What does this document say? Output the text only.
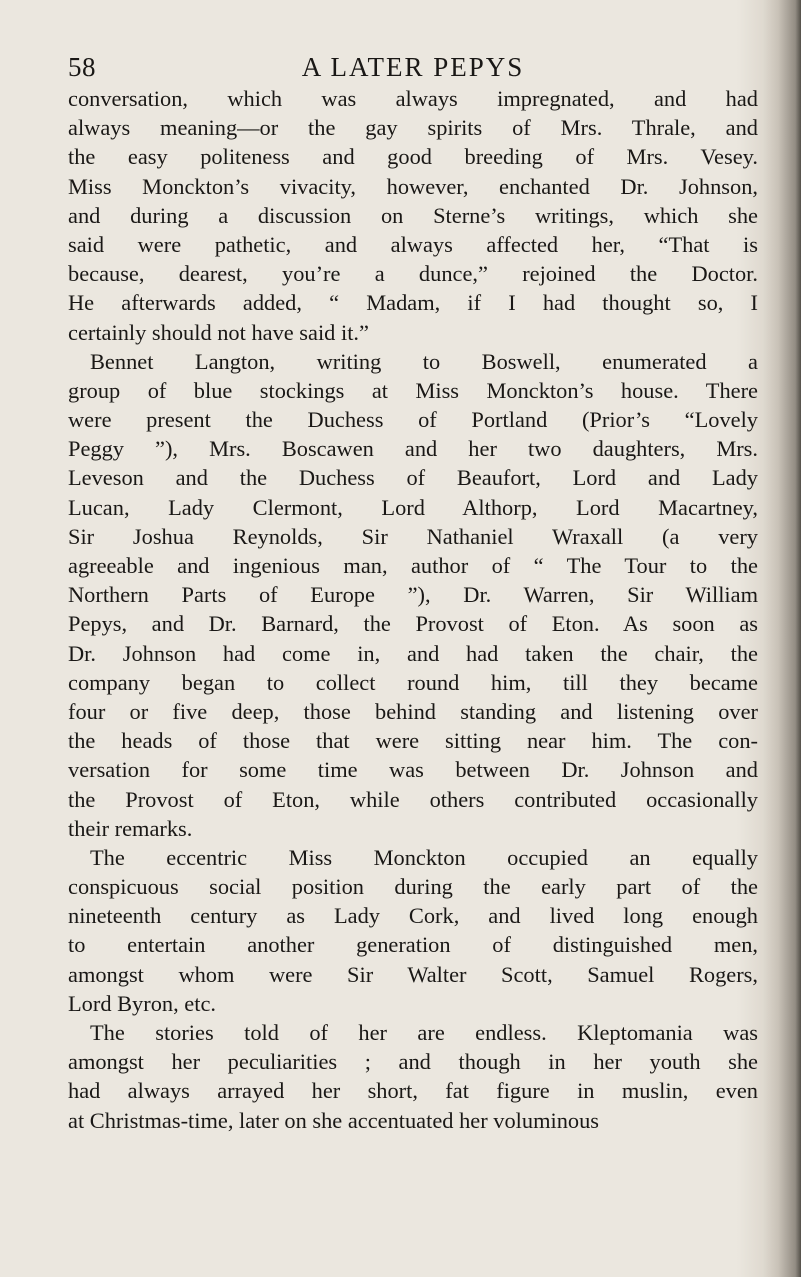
58	A LATER PEPYS
conversation, which was always impregnated, and had
always meaning—or the gay spirits of Mrs. Thrale, and
the easy politeness and good breeding of Mrs. Vesey.
Miss Monckton’s vivacity, however, enchanted Dr. Johnson,
and during a discussion on Sterne’s writings, which she
said were pathetic, and always affected her, “That is
because, dearest, you’re a dunce,” rejoined the Doctor.
He afterwards added, “ Madam, if I had thought so, I
certainly should not have said it.”
Bennet Langton, writing to Boswell, enumerated a
group of blue stockings at Miss Monckton’s house. There
were present the Duchess of Portland (Prior’s “Lovely
Peggy ”), Mrs. Boscawen and her two daughters, Mrs.
Leveson and the Duchess of Beaufort, Lord and Lady
Lucan, Lady Clermont, Lord Althorp, Lord Macartney,
Sir Joshua Reynolds, Sir Nathaniel Wraxall (a very
agreeable and ingenious man, author of “ The Tour to the
Northern Parts of Europe ”), Dr. Warren, Sir William
Pepys, and Dr. Barnard, the Provost of Eton. As soon as
Dr. Johnson had come in, and had taken the chair, the
company began to collect round him, till they became
four or five deep, those behind standing and listening over
the heads of those that were sitting near him. The con-
versation for some time was between Dr. Johnson and
the Provost of Eton, while others contributed occasionally
their remarks.
The eccentric Miss Monckton occupied an equally
conspicuous social position during the early part of the
nineteenth century as Lady Cork, and lived long enough
to entertain another generation of distinguished men,
amongst whom were Sir Walter Scott, Samuel Rogers,
Lord Byron, etc.
The stories told of her are endless. Kleptomania was
amongst her peculiarities ; and though in her youth she
had always arrayed her short, fat figure in muslin, even
at Christmas-time, later on she accentuated her voluminous
